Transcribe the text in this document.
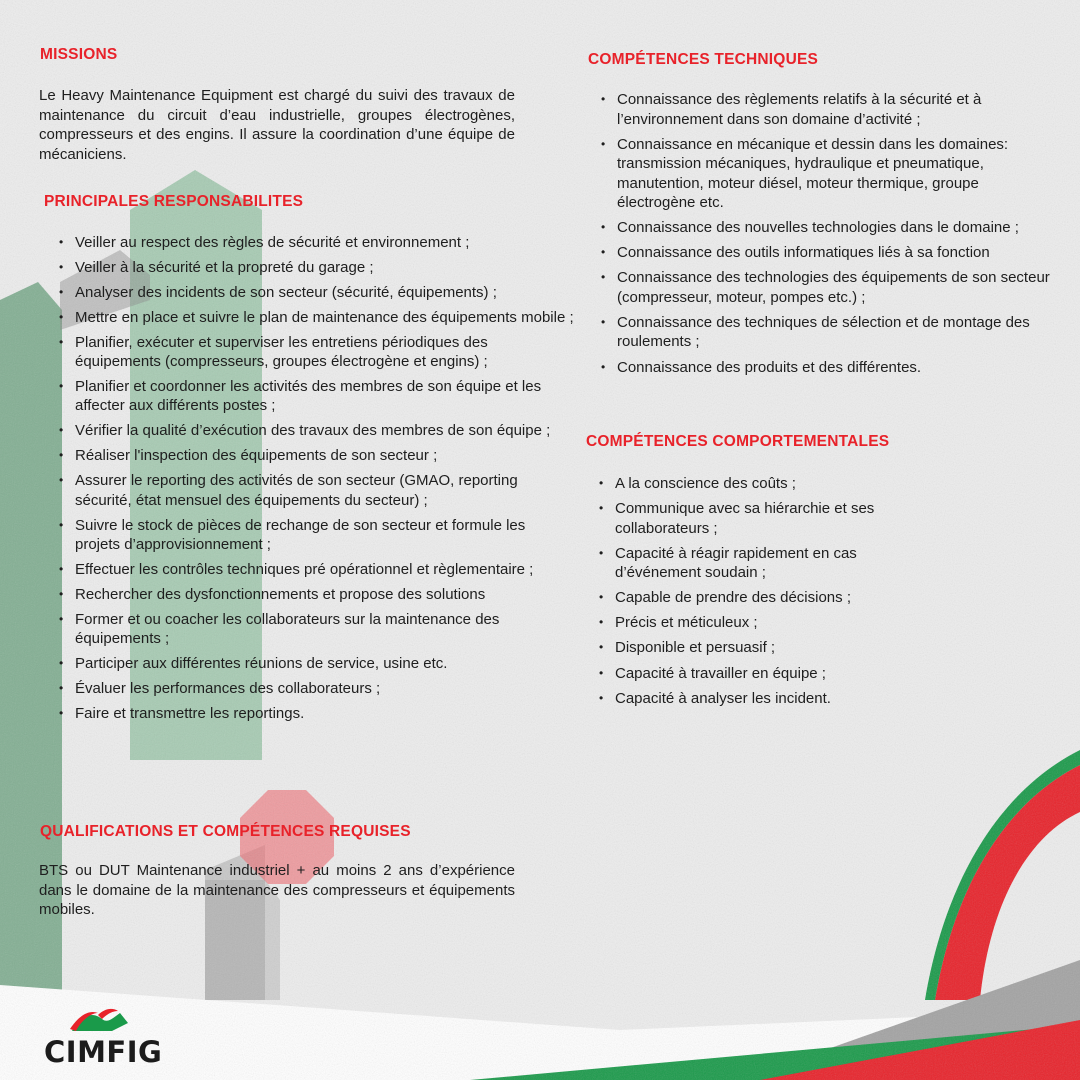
MISSIONS

Le Heavy Maintenance Equipment est chargé du suivi des travaux de maintenance du circuit d’eau industrielle, groupes électrogènes, compresseurs et des engins. Il assure la coordination d’une équipe de mécaniciens.

PRINCIPALES RESPONSABILITES
• Veiller au respect des règles de sécurité et environnement ;
• Veiller à la sécurité et la propreté du garage ;
• Analyser des incidents de son secteur (sécurité, équipements) ;
• Mettre en place et suivre le plan de maintenance des équipements mobile ;
• Planifier, exécuter et superviser les entretiens périodiques des équipements (compresseurs, groupes électrogène et engins) ;
• Planifier et coordonner les activités des membres de son équipe et les affecter aux différents postes ;
• Vérifier la qualité d’exécution des travaux des membres de son équipe ;
• Réaliser l'inspection des équipements de son secteur ;
• Assurer le reporting des activités de son secteur (GMAO, reporting sécurité, état mensuel des équipements du secteur) ;
• Suivre le stock de pièces de rechange de son secteur et formule les projets d’approvisionnement ;
• Effectuer les contrôles techniques pré opérationnel et règlementaire ;
• Rechercher des dysfonctionnements et propose des solutions
• Former et ou coacher les collaborateurs sur la maintenance des équipements ;
• Participer aux différentes réunions de service, usine etc.
• Évaluer les performances des collaborateurs ;
• Faire et transmettre les reportings.
QUALIFICATIONS ET COMPÉTENCES REQUISES

BTS ou DUT Maintenance industriel + au moins 2 ans d’expérience dans le domaine de la maintenance des compresseurs et équipements mobiles.

COMPÉTENCES TECHNIQUES
• Connaissance des règlements relatifs à la sécurité et à l’environnement dans son domaine d’activité ;
• Connaissance en mécanique et dessin dans les domaines: transmission mécaniques, hydraulique et pneumatique, manutention, moteur diésel, moteur thermique, groupe électrogène etc.
• Connaissance des nouvelles technologies dans le domaine ;
• Connaissance des outils informatiques liés à sa fonction
• Connaissance des technologies des équipements de son secteur (compresseur, moteur, pompes etc.) ;
• Connaissance des techniques de sélection et de montage des roulements ;
• Connaissance des produits et des différentes.
COMPÉTENCES COMPORTEMENTALES
• A la conscience des coûts ;
• Communique avec sa hiérarchie et ses collaborateurs ;
• Capacité à réagir rapidement en cas d’événement soudain ;
• Capable de prendre des décisions ;
• Précis et méticuleux ;
• Disponible et persuasif ;
• Capacité à travailler en équipe ;
• Capacité à analyser les incident.
CIMFIG
